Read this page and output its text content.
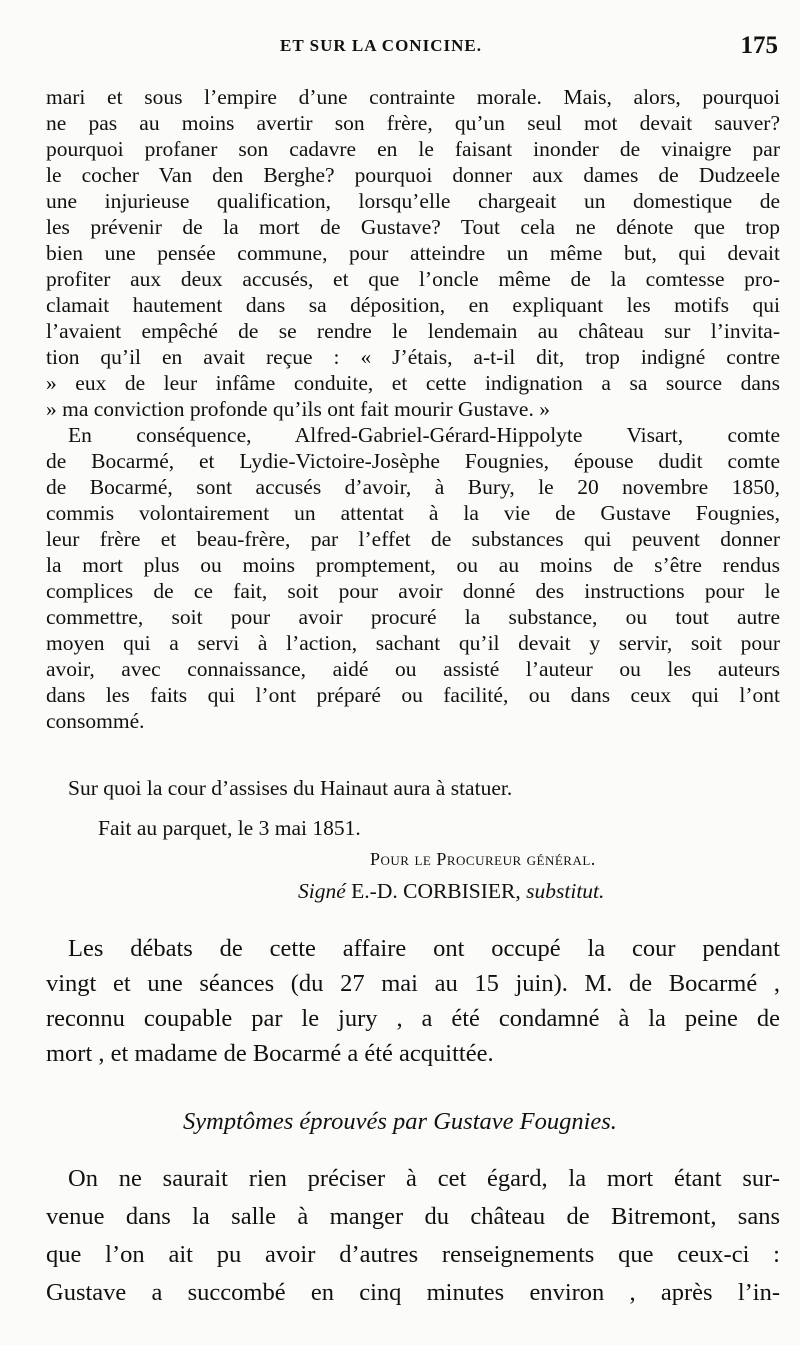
ET SUR LA CONICINE.	175
mari et sous l’empire d’une contrainte morale. Mais, alors, pourquoi
ne pas au moins avertir son frère, qu’un seul mot devait sauver?
pourquoi profaner son cadavre en le faisant inonder de vinaigre par
le cocher Van den Berghe? pourquoi donner aux dames de Dudzeele
une injurieuse qualification, lorsqu’elle chargeait un domestique de
les prévenir de la mort de Gustave? Tout cela ne dénote que trop
bien une pensée commune, pour atteindre un même but, qui devait
profiter aux deux accusés, et que l’oncle même de la comtesse pro-
clamait hautement dans sa déposition, en expliquant les motifs qui
l’avaient empêché de se rendre le lendemain au château sur l’invita-
tion qu’il en avait reçue : « J’étais, a-t-il dit, trop indigné contre
» eux de leur infâme conduite, et cette indignation a sa source dans
» ma conviction profonde qu’ils ont fait mourir Gustave. »
En conséquence, Alfred-Gabriel-Gérard-Hippolyte Visart, comte
de Bocarmé, et Lydie-Victoire-Josèphe Fougnies, épouse dudit comte
de Bocarmé, sont accusés d’avoir, à Bury, le 20 novembre 1850,
commis volontairement un attentat à la vie de Gustave Fougnies,
leur frère et beau-frère, par l’effet de substances qui peuvent donner
la mort plus ou moins promptement, ou au moins de s’être rendus
complices de ce fait, soit pour avoir donné des instructions pour le
commettre, soit pour avoir procuré la substance, ou tout autre
moyen qui a servi à l’action, sachant qu’il devait y servir, soit pour
avoir, avec connaissance, aidé ou assisté l’auteur ou les auteurs
dans les faits qui l’ont préparé ou facilité, ou dans ceux qui l’ont
consommé.
Sur quoi la cour d’assises du Hainaut aura à statuer.
Fait au parquet, le 3 mai 1851.
Pour le Procureur général.
Signé E.-D. CORBISIER, substitut.
Les débats de cette affaire ont occupé la cour pendant
vingt et une séances (du 27 mai au 15 juin). M. de Bocarmé ,
reconnu coupable par le jury , a été condamné à la peine de
mort , et madame de Bocarmé a été acquittée.
Symptômes éprouvés par Gustave Fougnies.
On ne saurait rien préciser à cet égard, la mort étant sur-
venue dans la salle à manger du château de Bitremont, sans
que l’on ait pu avoir d’autres renseignements que ceux-ci :
Gustave a succombé en cinq minutes environ , après l’in-
